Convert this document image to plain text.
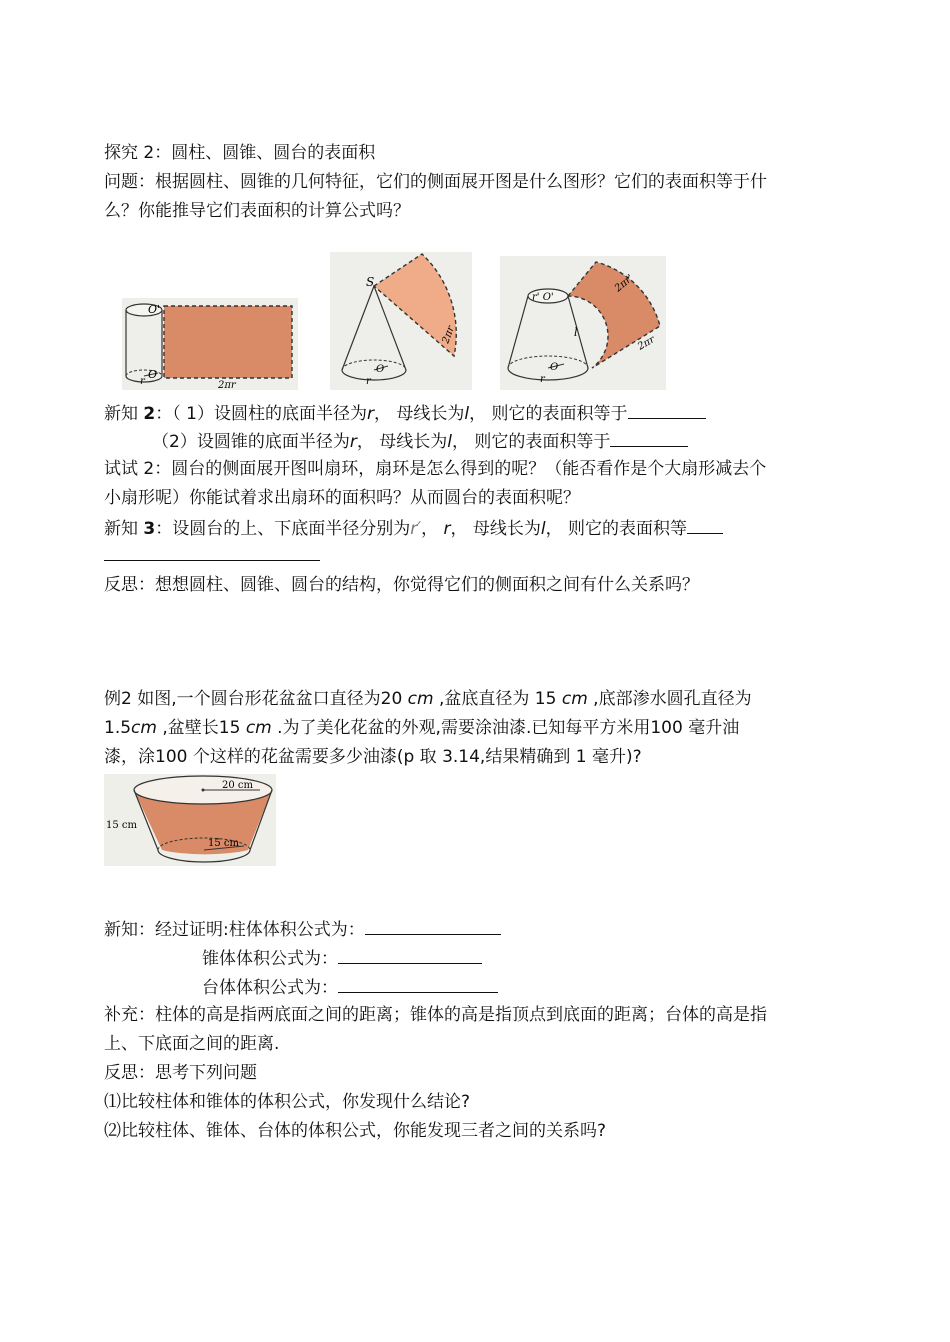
探究 2：圆柱、圆锥、圆台的表面积
问题：根据圆柱、圆锥的几何特征，它们的侧面展开图是什么图形？它们的表面积等于什
么？你能推导它们表面积的计算公式吗？
O'
O
r	2πr
S
O
r
2πr
r' O'
O
r
l
2πr'
2πr
新知 2：（ 1）设圆柱的底面半径为r， 母线长为l， 则它的表面积等于
（2）设圆锥的底面半径为r， 母线长为l， 则它的表面积等于
试试 2：圆台的侧面展开图叫扇环，扇环是怎么得到的呢？（能否看作是个大扇形减去个
小扇形呢）你能试着求出扇环的面积吗？从而圆台的表面积呢？
新知 3：设圆台的上、下底面半径分别为r′， r， 母线长为l， 则它的表面积等
反思：想想圆柱、圆锥、圆台的结构，你觉得它们的侧面积之间有什么关系吗？
例2 如图,一个圆台形花盆盆口直径为20 cm ,盆底直径为 15 cm ,底部渗水圆孔直径为
1.5cm ,盆壁长15 cm .为了美化花盆的外观,需要涂油漆.已知每平方米用100 毫升油
漆，涂100 个这样的花盆需要多少油漆(p 取 3.14,结果精确到 1 毫升)?
20 cm
15 cm
15 cm
新知：经过证明:柱体体积公式为：
锥体体积公式为：
台体体积公式为：
补充：柱体的高是指两底面之间的距离；锥体的高是指顶点到底面的距离；台体的高是指
上、下底面之间的距离.
反思：思考下列问题
⑴比较柱体和锥体的体积公式，你发现什么结论?
⑵比较柱体、锥体、台体的体积公式，你能发现三者之间的关系吗?
